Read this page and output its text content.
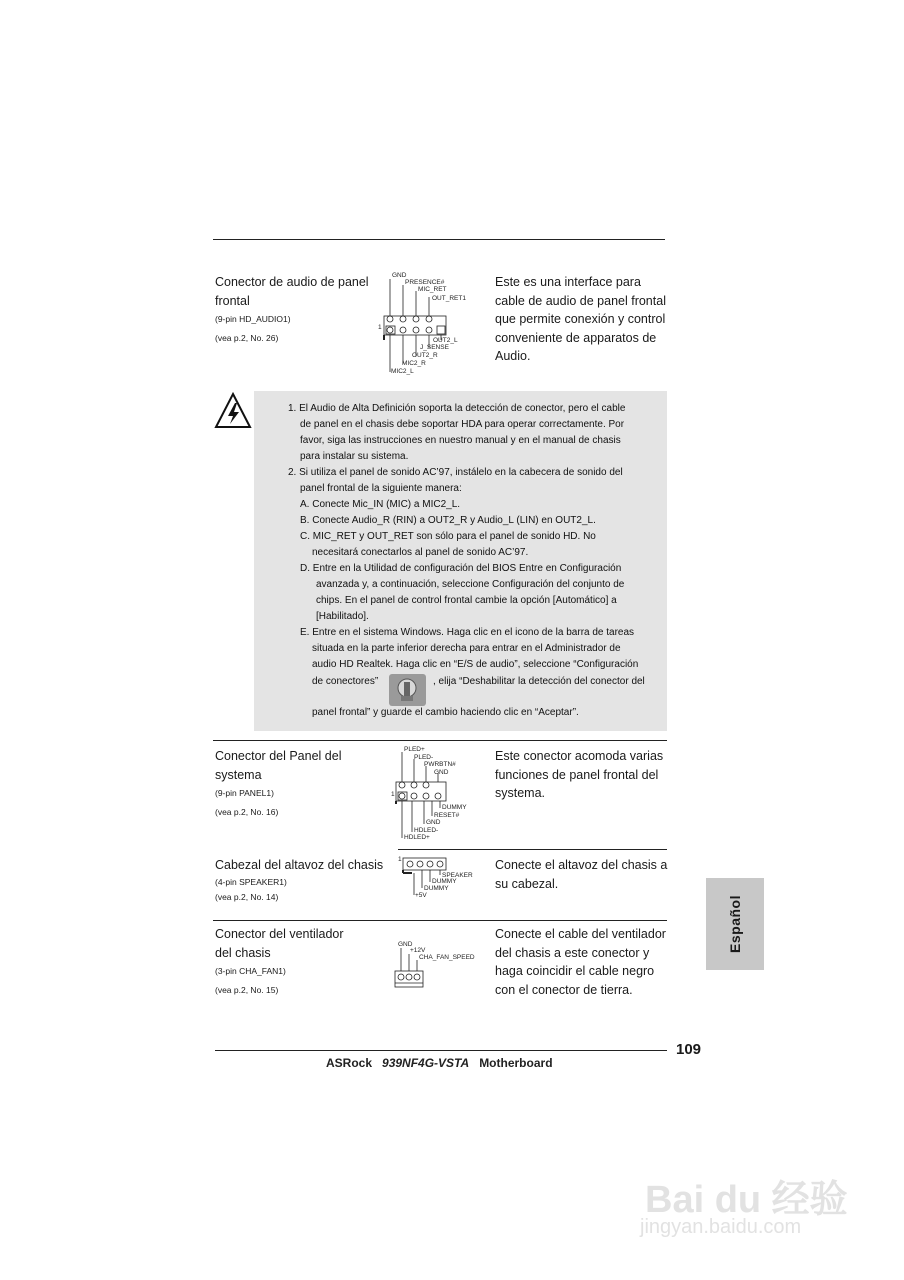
Conector de audio de panel
frontal
(9-pin HD_AUDIO1)
(vea p.2, No. 26)
GND
PRESENCE#
MIC_RET
OUT_RET1
1
OUT2_L
J_SENSE
OUT2_R
MIC2_R
MIC2_L
Este es una interface para
cable de audio de panel frontal
que permite conexión y control
conveniente de apparatos de
Audio.
1. El Audio de Alta Definición soporta la detección de conector, pero el cable
de panel en el chasis debe soportar HDA para operar correctamente. Por
favor, siga las instrucciones en nuestro manual y en el manual de chasis
para instalar su sistema.
2. Si utiliza el panel de sonido AC’97, instálelo en la cabecera de sonido del
panel frontal de la siguiente manera:
A. Conecte Mic_IN (MIC) a MIC2_L.
B. Conecte Audio_R (RIN) a OUT2_R y Audio_L (LIN) en OUT2_L.
C. MIC_RET y OUT_RET son sólo para el panel de sonido HD. No
necesitará conectarlos al panel de sonido AC’97.
D. Entre en la Utilidad de configuración del BIOS Entre en Configuración
avanzada y, a continuación, seleccione Configuración del conjunto de
chips. En el panel de control frontal cambie la opción [Automático] a
[Habilitado].
E. Entre en el sistema Windows. Haga clic en el icono de la barra de tareas
situada en la parte inferior derecha para entrar en el Administrador de
audio HD Realtek. Haga clic en “E/S de audio”, seleccione “Configuración
de conectores”	, elija “Deshabilitar la detección del conector del
panel frontal” y guarde el cambio haciendo clic en “Aceptar”.
Conector del Panel del
systema
(9-pin PANEL1)
(vea p.2, No. 16)
PLED+
PLED-
PWRBTN#
GND
1
DUMMY
RESET#
GND
HDLED-
HDLED+
Este conector acomoda varias
funciones de panel frontal del
systema.
Cabezal del altavoz del chasis
(4-pin SPEAKER1)
(vea p.2, No. 14)
SPEAKER
DUMMY
DUMMY
+5V
1	Conecte el altavoz del chasis a
su cabezal.
Conector del ventilador
del chasis
(3-pin CHA_FAN1)
(vea p.2, No. 15)
GND
+12V
CHA_FAN_SPEED
Conecte el cable del ventilador
del chasis a este conector y
haga coincidir el cable negro
con el conector de tierra.
Español
109
ASRock 939NF4G-VSTA Motherboard
Bai du 经验
jingyan.baidu.com
